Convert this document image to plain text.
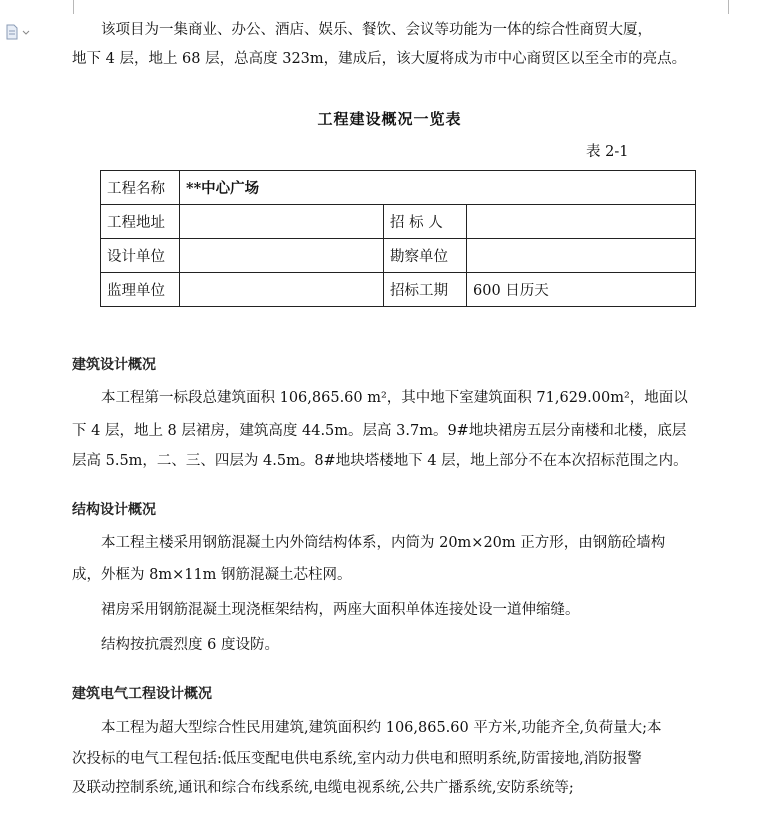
该项目为一集商业、办公、酒店、娱乐、餐饮、会议等功能为一体的综合性商贸大厦，

地下 4 层，地上 68 层，总高度 323m，建成后，该大厦将成为市中心商贸区以至全市的亮点。

工程建设概况一览表

表 2-1
工程名称	**中心广场		
工程地址		招 标 人	
设计单位		勘察单位	
监理单位		招标工期	600 日历天

建筑设计概况

本工程第一标段总建筑面积 106,865.60 m²，其中地下室建筑面积 71,629.00m²，地面以

下 4 层，地上 8 层裙房，建筑高度 44.5m。层高 3.7m。9#地块裙房五层分南楼和北楼，底层

层高 5.5m，二、三、四层为 4.5m。8#地块塔楼地下 4 层，地上部分不在本次招标范围之内。

结构设计概况

本工程主楼采用钢筋混凝土内外筒结构体系，内筒为 20m×20m 正方形，由钢筋砼墙构

成，外框为 8m×11m 钢筋混凝土芯柱网。

裙房采用钢筋混凝土现浇框架结构，两座大面积单体连接处设一道伸缩缝。

结构按抗震烈度 6 度设防。

建筑电气工程设计概况

本工程为超大型综合性民用建筑,建筑面积约 106,865.60 平方米,功能齐全,负荷量大;本

次投标的电气工程包括:低压变配电供电系统,室内动力供电和照明系统,防雷接地,消防报警

及联动控制系统,通讯和综合布线系统,电缆电视系统,公共广播系统,安防系统等;
